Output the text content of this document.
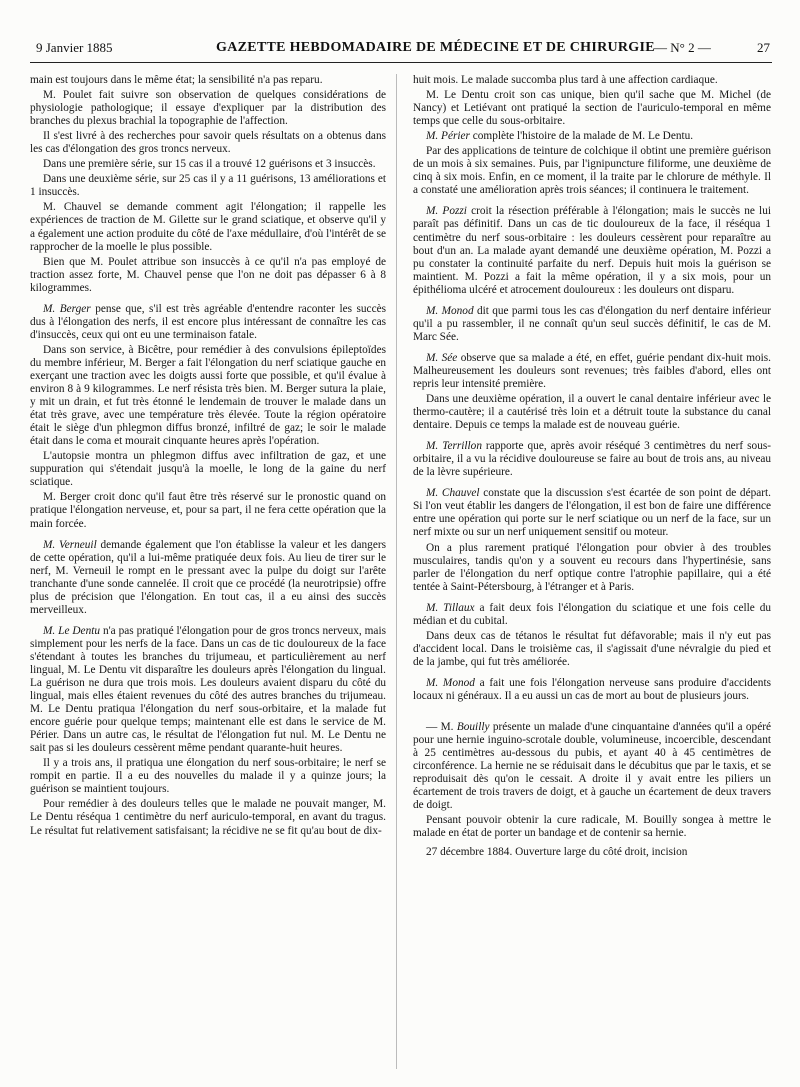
9 Janvier 1885	GAZETTE HEBDOMADAIRE DE MÉDECINE ET DE CHIRURGIE — N° 2 —	27

main est toujours dans le même état; la sensibilité n'a pas reparu.

M. Poulet fait suivre son observation de quelques considérations de physiologie pathologique; il essaye d'expliquer par la distribution des branches du plexus brachial la topographie de l'affection.

Il s'est livré à des recherches pour savoir quels résultats on a obtenus dans les cas d'élongation des gros troncs nerveux.

Dans une première série, sur 15 cas il a trouvé 12 guérisons et 3 insuccès.

Dans une deuxième série, sur 25 cas il y a 11 guérisons, 13 améliorations et 1 insuccès.

M. Chauvel se demande comment agit l'élongation; il rappelle les expériences de traction de M. Gilette sur le grand sciatique, et observe qu'il y a également une action produite du côté de l'axe médullaire, d'où l'intérêt de se rapprocher de la moelle le plus possible.

Bien que M. Poulet attribue son insuccès à ce qu'il n'a pas employé de traction assez forte, M. Chauvel pense que l'on ne doit pas dépasser 6 à 8 kilogrammes.

M. Berger pense que, s'il est très agréable d'entendre raconter les succès dus à l'élongation des nerfs, il est encore plus intéressant de connaître les cas d'insuccès, ceux qui ont eu une terminaison fatale.

Dans son service, à Bicêtre, pour remédier à des convulsions épileptoïdes du membre inférieur, M. Berger a fait l'élongation du nerf sciatique gauche en exerçant une traction avec les doigts aussi forte que possible, et qu'il évalue à environ 8 à 9 kilogrammes. Le nerf résista très bien. M. Berger sutura la plaie, y mit un drain, et fut très étonné le lendemain de trouver le malade dans un état très grave, avec une température très élevée. Toute la région opératoire était le siège d'un phlegmon diffus bronzé, infiltré de gaz; le soir le malade était dans le coma et mourait cinquante heures après l'opération.

L'autopsie montra un phlegmon diffus avec infiltration de gaz, et une suppuration qui s'étendait jusqu'à la moelle, le long de la gaine du nerf sciatique.

M. Berger croit donc qu'il faut être très réservé sur le pronostic quand on pratique l'élongation nerveuse, et, pour sa part, il ne fera cette opération que la main forcée.

M. Verneuil demande également que l'on établisse la valeur et les dangers de cette opération, qu'il a lui-même pratiquée deux fois. Au lieu de tirer sur le nerf, M. Verneuil le rompt en le pressant avec la pulpe du doigt sur l'arête tranchante d'une sonde cannelée. Il croit que ce procédé (la neurotripsie) offre plus de précision que l'élongation. En tout cas, il a eu ainsi des succès merveilleux.

M. Le Dentu n'a pas pratiqué l'élongation pour de gros troncs nerveux, mais simplement pour les nerfs de la face. Dans un cas de tic douloureux de la face s'étendant à toutes les branches du trijumeau, et particulièrement au nerf lingual, M. Le Dentu vit disparaître les douleurs après l'élongation du lingual. La guérison ne dura que trois mois. Les douleurs avaient disparu du côté du lingual, mais elles étaient revenues du côté des autres branches du trijumeau. M. Le Dentu pratiqua l'élongation du nerf sous-orbitaire, et la malade fut encore guérie pour quelque temps; maintenant elle est dans le service de M. Périer. Dans un autre cas, le résultat de l'élongation fut nul. M. Le Dentu ne sait pas si les douleurs cessèrent même pendant quarante-huit heures.

Il y a trois ans, il pratiqua une élongation du nerf sous-orbitaire; le nerf se rompit en partie. Il a eu des nouvelles du malade il y a quinze jours; la guérison se maintient toujours.

Pour remédier à des douleurs telles que le malade ne pouvait manger, M. Le Dentu réséqua 1 centimètre du nerf auriculo-temporal, en avant du tragus. Le résultat fut relativement satisfaisant; la récidive ne se fit qu'au bout de dix-

huit mois. Le malade succomba plus tard à une affection cardiaque.

M. Le Dentu croit son cas unique, bien qu'il sache que M. Michel (de Nancy) et Letiévant ont pratiqué la section de l'auriculo-temporal en même temps que celle du sous-orbitaire.

M. Périer complète l'histoire de la malade de M. Le Dentu.

Par des applications de teinture de colchique il obtint une première guérison de un mois à six semaines. Puis, par l'ignipuncture filiforme, une deuxième de cinq à six mois. Enfin, en ce moment, il la traite par le chlorure de méthyle. Il a constaté une amélioration après trois séances; il continuera le traitement.

M. Pozzi croit la résection préférable à l'élongation; mais le succès ne lui paraît pas définitif. Dans un cas de tic douloureux de la face, il réséqua 1 centimètre du nerf sous-orbitaire : les douleurs cessèrent pour reparaître au bout d'un an. La malade ayant demandé une deuxième opération, M. Pozzi a pu constater la continuité parfaite du nerf. Depuis huit mois la guérison se maintient. M. Pozzi a fait la même opération, il y a six mois, pour un épithélioma ulcéré et atrocement douloureux : les douleurs ont disparu.

M. Monod dit que parmi tous les cas d'élongation du nerf dentaire inférieur qu'il a pu rassembler, il ne connaît qu'un seul succès définitif, le cas de M. Marc Sée.

M. Sée observe que sa malade a été, en effet, guérie pendant dix-huit mois. Malheureusement les douleurs sont revenues; très faibles d'abord, elles ont repris leur intensité première.

Dans une deuxième opération, il a ouvert le canal dentaire inférieur avec le thermo-cautère; il a cautérisé très loin et a détruit toute la substance du canal dentaire. Depuis ce temps la malade est de nouveau guérie.

M. Terrillon rapporte que, après avoir réséqué 3 centimètres du nerf sous-orbitaire, il a vu la récidive douloureuse se faire au bout de trois ans, au niveau de la lèvre supérieure.

M. Chauvel constate que la discussion s'est écartée de son point de départ. Si l'on veut établir les dangers de l'élongation, il est bon de faire une différence entre une opération qui porte sur le nerf sciatique ou un nerf de la face, sur un nerf mixte ou sur un nerf uniquement sensitif ou moteur.

On a plus rarement pratiqué l'élongation pour obvier à des troubles musculaires, tandis qu'on y a souvent eu recours dans l'hypertinésie, sans parler de l'élongation du nerf optique contre l'atrophie papillaire, qui a été tentée à Saint-Pétersbourg, à l'étranger et à Paris.

M. Tillaux a fait deux fois l'élongation du sciatique et une fois celle du médian et du cubital.

Dans deux cas de tétanos le résultat fut défavorable; mais il n'y eut pas d'accident local. Dans le troisième cas, il s'agissait d'une névralgie du pied et de la jambe, qui fut très améliorée.

M. Monod a fait une fois l'élongation nerveuse sans produire d'accidents locaux ni généraux. Il a eu aussi un cas de mort au bout de plusieurs jours.

— M. Bouilly présente un malade d'une cinquantaine d'années qu'il a opéré pour une hernie inguino-scrotale double, volumineuse, incoercible, descendant à 25 centimètres au-dessous du pubis, et ayant 40 à 45 centimètres de circonférence. La hernie ne se réduisait dans le décubitus que par le taxis, et se reproduisait dès qu'on le cessait. A droite il y avait entre les piliers un écartement de trois travers de doigt, et à gauche un écartement de deux travers de doigt.

Pensant pouvoir obtenir la cure radicale, M. Bouilly songea à mettre le malade en état de porter un bandage et de contenir sa hernie.

27 décembre 1884. Ouverture large du côté droit, incision
